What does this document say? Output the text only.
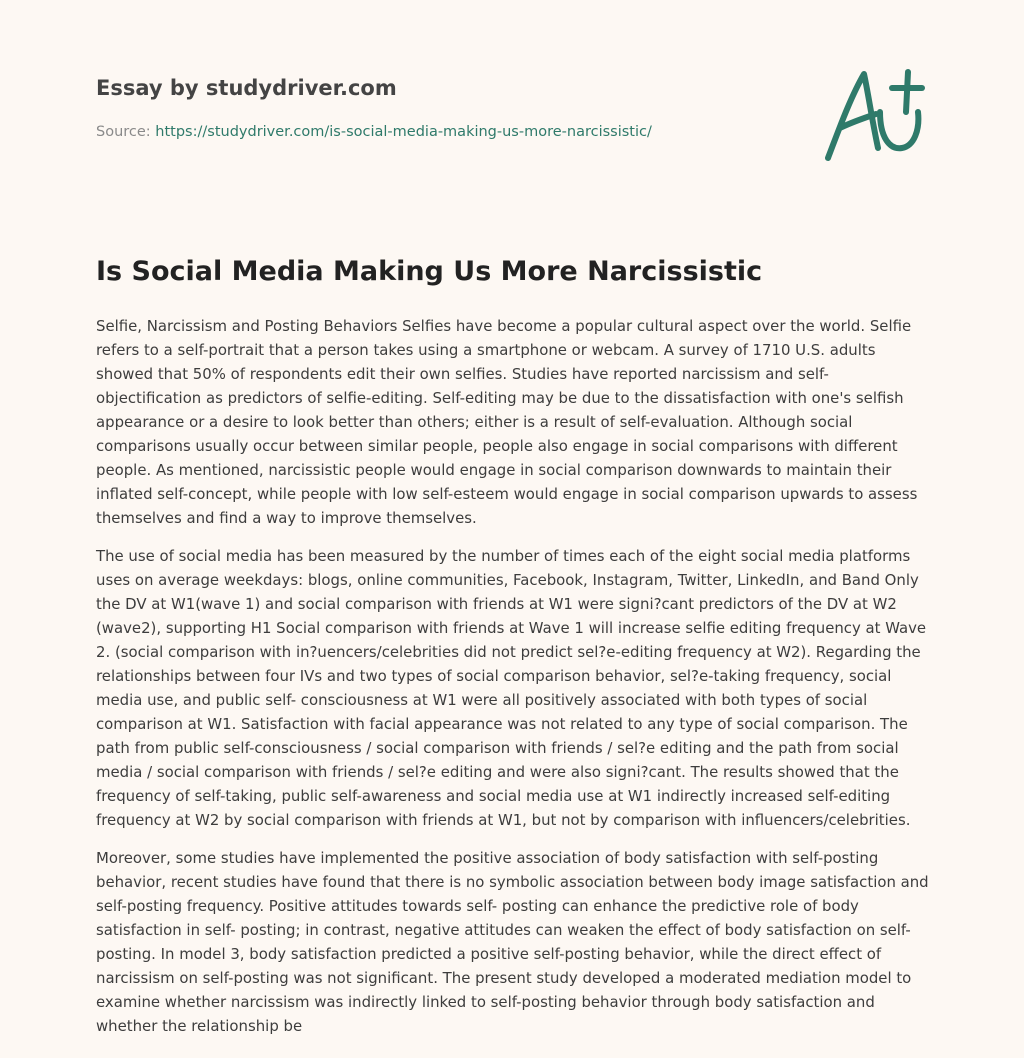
Essay by studydriver.com
Source: https://studydriver.com/is-social-media-making-us-more-narcissistic/
Is Social Media Making Us More Narcissistic

Selfie, Narcissism and Posting Behaviors Selfies have become a popular cultural aspect over the world. Selfie refers to a self-portrait that a person takes using a smartphone or webcam. A survey of 1710 U.S. adults showed that 50% of respondents edit their own selfies. Studies have reported narcissism and self-objectification as predictors of selfie-editing. Self-editing may be due to the dissatisfaction with one's selfish appearance or a desire to look better than others; either is a result of self-evaluation. Although social comparisons usually occur between similar people, people also engage in social comparisons with different people. As mentioned, narcissistic people would engage in social comparison downwards to maintain their inflated self-concept, while people with low self-esteem would engage in social comparison upwards to assess themselves and find a way to improve themselves.

The use of social media has been measured by the number of times each of the eight social media platforms uses on average weekdays: blogs, online communities, Facebook, Instagram, Twitter, LinkedIn, and Band Only the DV at W1(wave 1) and social comparison with friends at W1 were signi?cant predictors of the DV at W2 (wave2), supporting H1 Social comparison with friends at Wave 1 will increase selfie editing frequency at Wave 2. (social comparison with in?uencers/celebrities did not predict sel?e-editing frequency at W2). Regarding the relationships between four IVs and two types of social comparison behavior, sel?e-taking frequency, social media use, and public self- consciousness at W1 were all positively associated with both types of social comparison at W1. Satisfaction with facial appearance was not related to any type of social comparison. The path from public self-consciousness / social comparison with friends / sel?e editing and the path from social media / social comparison with friends / sel?e editing and were also signi?cant. The results showed that the frequency of self-taking, public self-awareness and social media use at W1 indirectly increased self-editing frequency at W2 by social comparison with friends at W1, but not by comparison with influencers/celebrities.

Moreover, some studies have implemented the positive association of body satisfaction with self-posting behavior, recent studies have found that there is no symbolic association between body image satisfaction and self-posting frequency. Positive attitudes towards self- posting can enhance the predictive role of body satisfaction in self- posting; in contrast, negative attitudes can weaken the effect of body satisfaction on self-posting. In model 3, body satisfaction predicted a positive self-posting behavior, while the direct effect of narcissism on self-posting was not significant. The present study developed a moderated mediation model to examine whether narcissism was indirectly linked to self-posting behavior through body satisfaction and whether the relationship be
